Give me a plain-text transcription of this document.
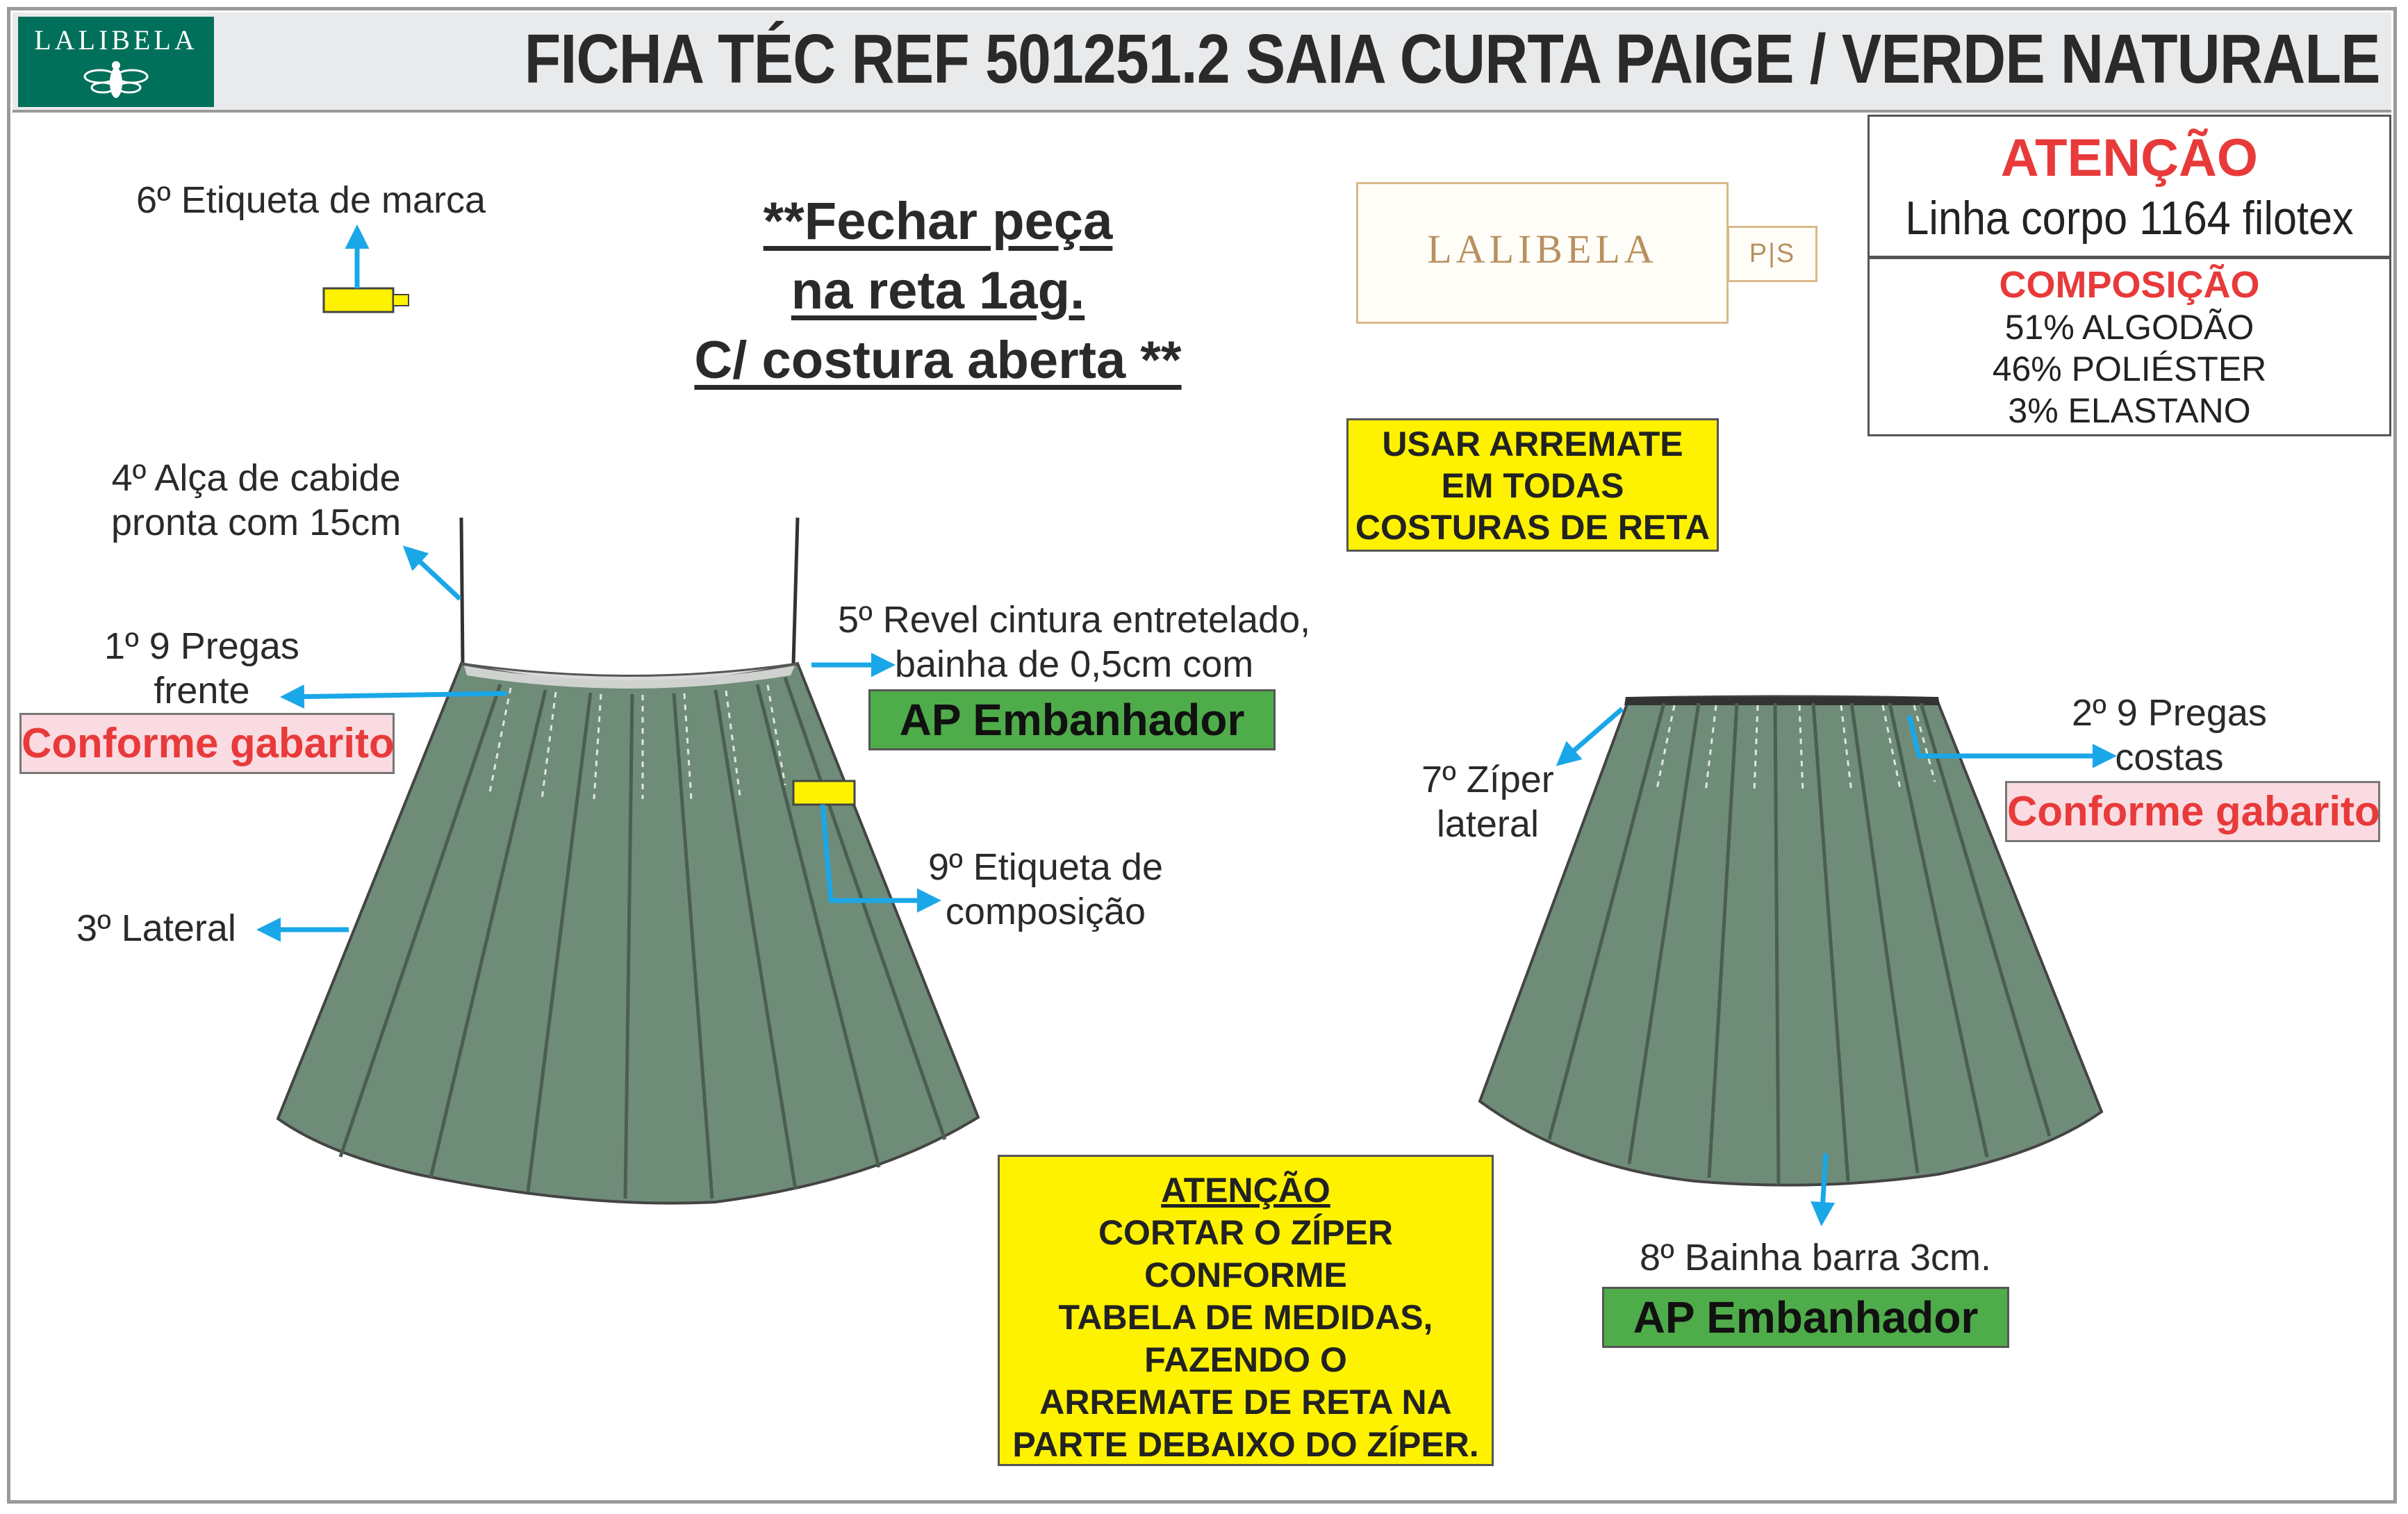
LALIBELA	FICHA TÉC REF 501251.2 SAIA CURTA PAIGE / VERDE NATURALE
ATENÇÃO
Linha corpo 1164 filotex
COMPOSIÇÃO
51% ALGODÃO
46% POLIÉSTER
3% ELASTANO
LALIBELA	P|S
**Fechar peça
na reta 1ag.
C/ costura aberta **
USAR ARREMATE
EM TODAS
COSTURAS DE RETA
ATENÇÃO
CORTAR O ZÍPER
CONFORME
TABELA DE MEDIDAS,
FAZENDO O
ARREMATE DE RETA NA
PARTE DEBAIXO DO ZÍPER.
6º Etiqueta de marca
4º Alça de cabide
pronta com 15cm
1º 9 Pregas
frente
Conforme gabarito
5º Revel cintura entretelado,
bainha de 0,5cm com
AP Embanhador
9º Etiqueta de
composição
3º Lateral
7º Zíper
lateral
2º 9 Pregas
costas
Conforme gabarito
8º Bainha barra 3cm.
AP Embanhador
